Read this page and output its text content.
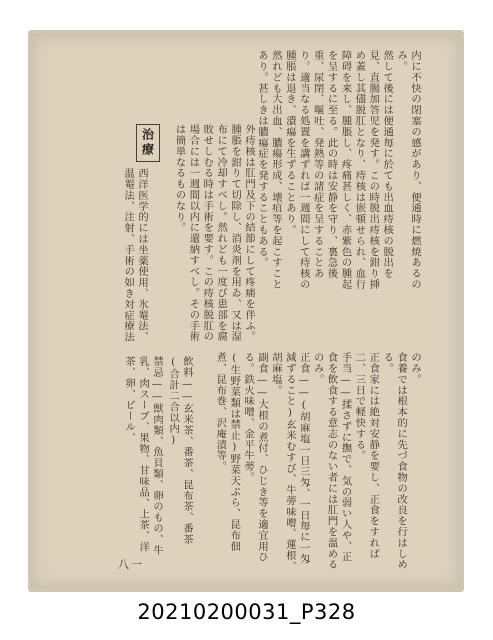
内に不快の閉塞の感があり、便通時に燃焼あるのみ。
然して後には便通毎に於ても出血痔核の脱出を見、直腸加答児を発す。この時脱出痔核を鉗り挿め蓋し其儘脱肛となり、痔核は嵌頓せられ、血行障碍を来し、腫脹し、疼痛甚しく、赤紫色の腫起を呈するに至る。此の時は安静を守り、裏急後重、尿閉、嘔吐、発熱等の諸症を呈することあり。適当なる処置を講ずれば一週間にして痔核の腫脹は退き、潰瘍を生ずることあり。
然れども大出血、膿瘍形成、壊疽等を起こすことあり。甚しきは膿瘍症を発することもある。
治療	外痔核は肛門及下の結節にして疼痛を伴ふ。腫脹を鉗りて切除し、消炎剤を用ゐ、又は湿布にて冷却すべし。然れども一度び患部を腐敗せしむる時は手術を要す。この痔核脱肛の場合には一週間以内に還納すべし。その手術は簡単なるものなり。
西洋医学的には坐薬使用、氷罨法、温罨法、注射、手術の如き対症療法
のみ。
食養では根本的に先づ食物の改良を行はしめる。
正食家には絶対安静を要し、正食をすれば二、三日で軽快する。
手当——揉さずに撫で、気の弱い人や、正食を飲食する意志のない者には肛門を温めるのみ。
正食——(胡麻塩一日三匁、一日毎に一匁減ずること)玄米むすび、牛蒡味噌、蓮根、胡麻塩。
副食——大根の煮付、ひじき等を適宜用ひる。鉄火味噌、金平牛蒡。
(生野菜類は禁止)野菜天ぷら、昆布佃煮、昆布巻、沢庵漬等。
飲料——玄米茶、番茶、昆布茶、番茶(合計二合以内)
禁忌——獣肉類、魚貝類、卵のもの、牛乳、肉スープ、果物、甘味品、上茶、洋茶、卵、ビール、
八一
20210200031_P328
